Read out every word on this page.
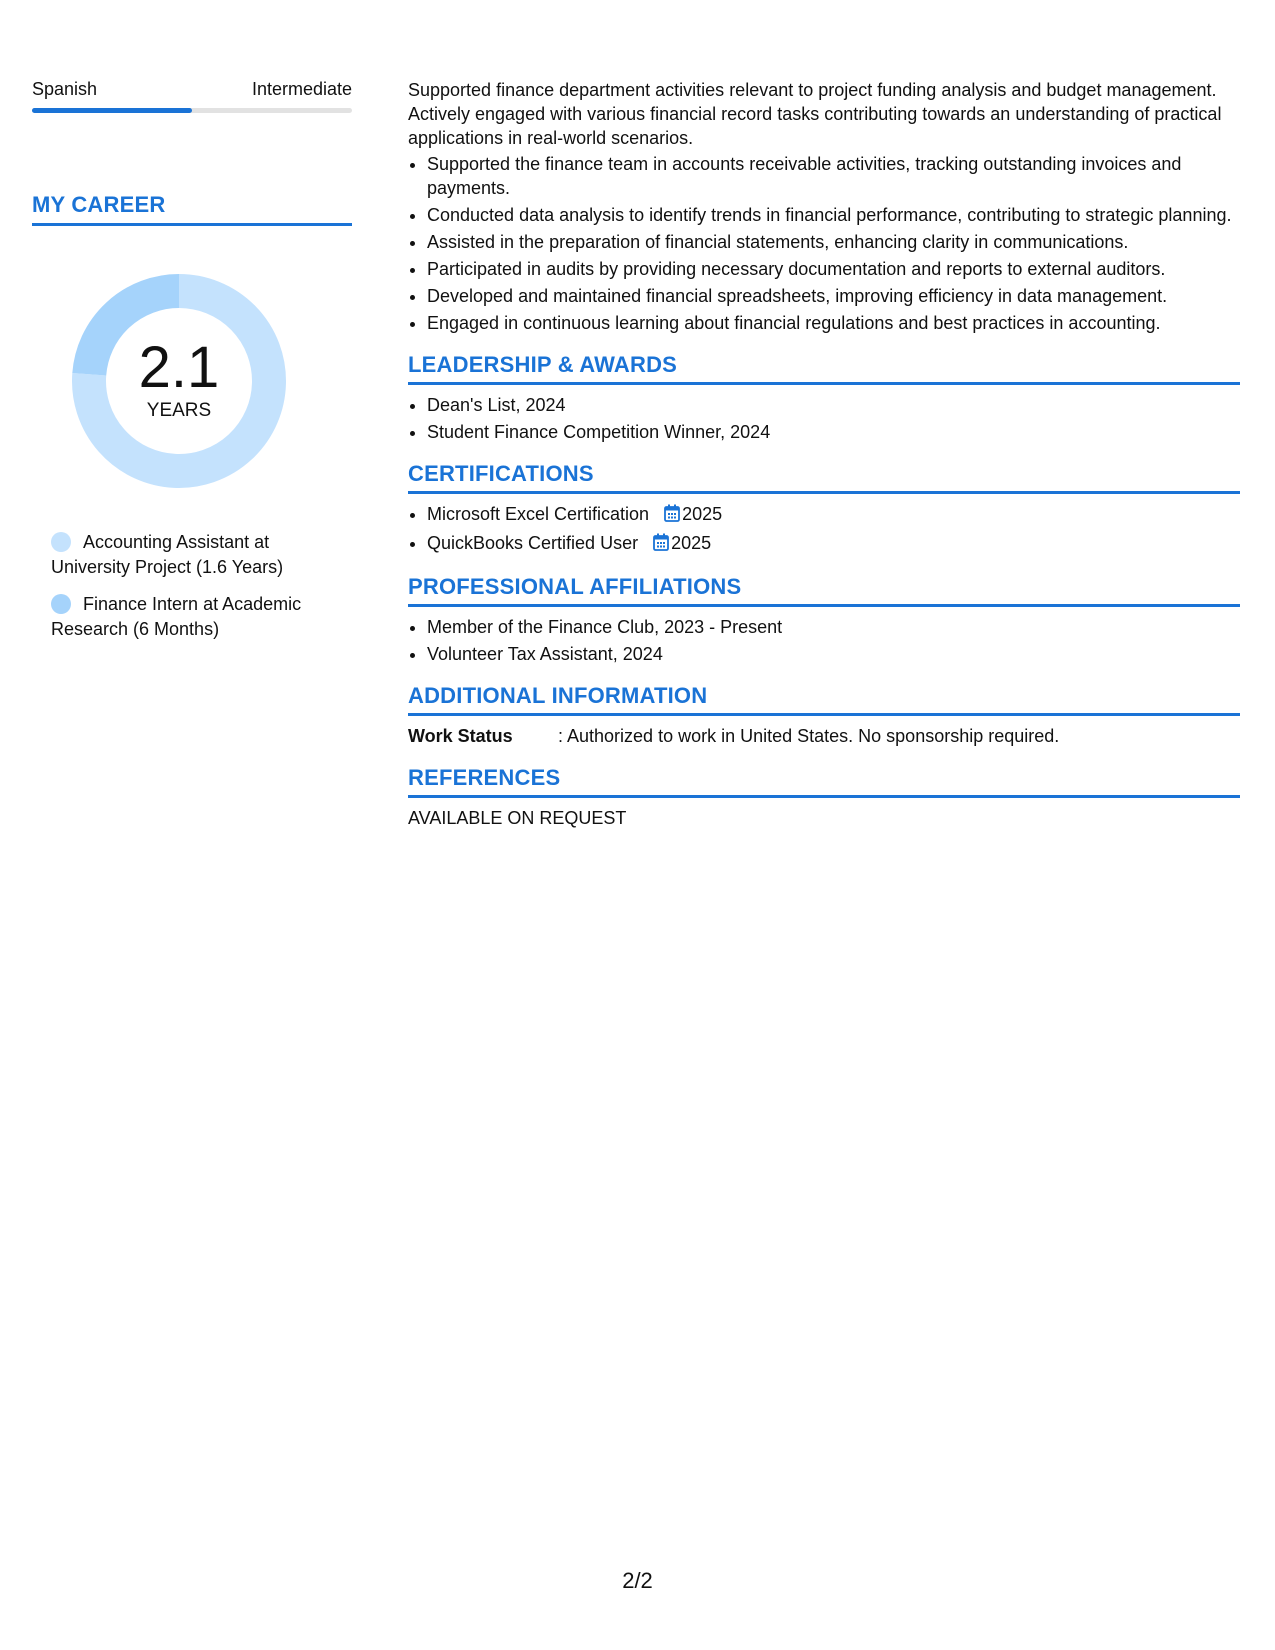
Spanish	Intermediate
MY CAREER
2.1
YEARS
Accounting Assistant at University Project (1.6 Years)
Finance Intern at Academic Research (6 Months)

Supported finance department activities relevant to project funding analysis and budget management. Actively engaged with various financial record tasks contributing towards an understanding of practical applications in real-world scenarios.

• Supported the finance team in accounts receivable activities, tracking outstanding invoices and payments.
• Conducted data analysis to identify trends in financial performance, contributing to strategic planning.
• Assisted in the preparation of financial statements, enhancing clarity in communications.
• Participated in audits by providing necessary documentation and reports to external auditors.
• Developed and maintained financial spreadsheets, improving efficiency in data management.
• Engaged in continuous learning about financial regulations and best practices in accounting.
LEADERSHIP & AWARDS
• Dean's List, 2024
• Student Finance Competition Winner, 2024
CERTIFICATIONS
• Microsoft Excel Certification 2025
• QuickBooks Certified User 2025
PROFESSIONAL AFFILIATIONS
• Member of the Finance Club, 2023 - Present
• Volunteer Tax Assistant, 2024
ADDITIONAL INFORMATION
Work Status	: Authorized to work in United States. No sponsorship required.
REFERENCES

AVAILABLE ON REQUEST

2/2
